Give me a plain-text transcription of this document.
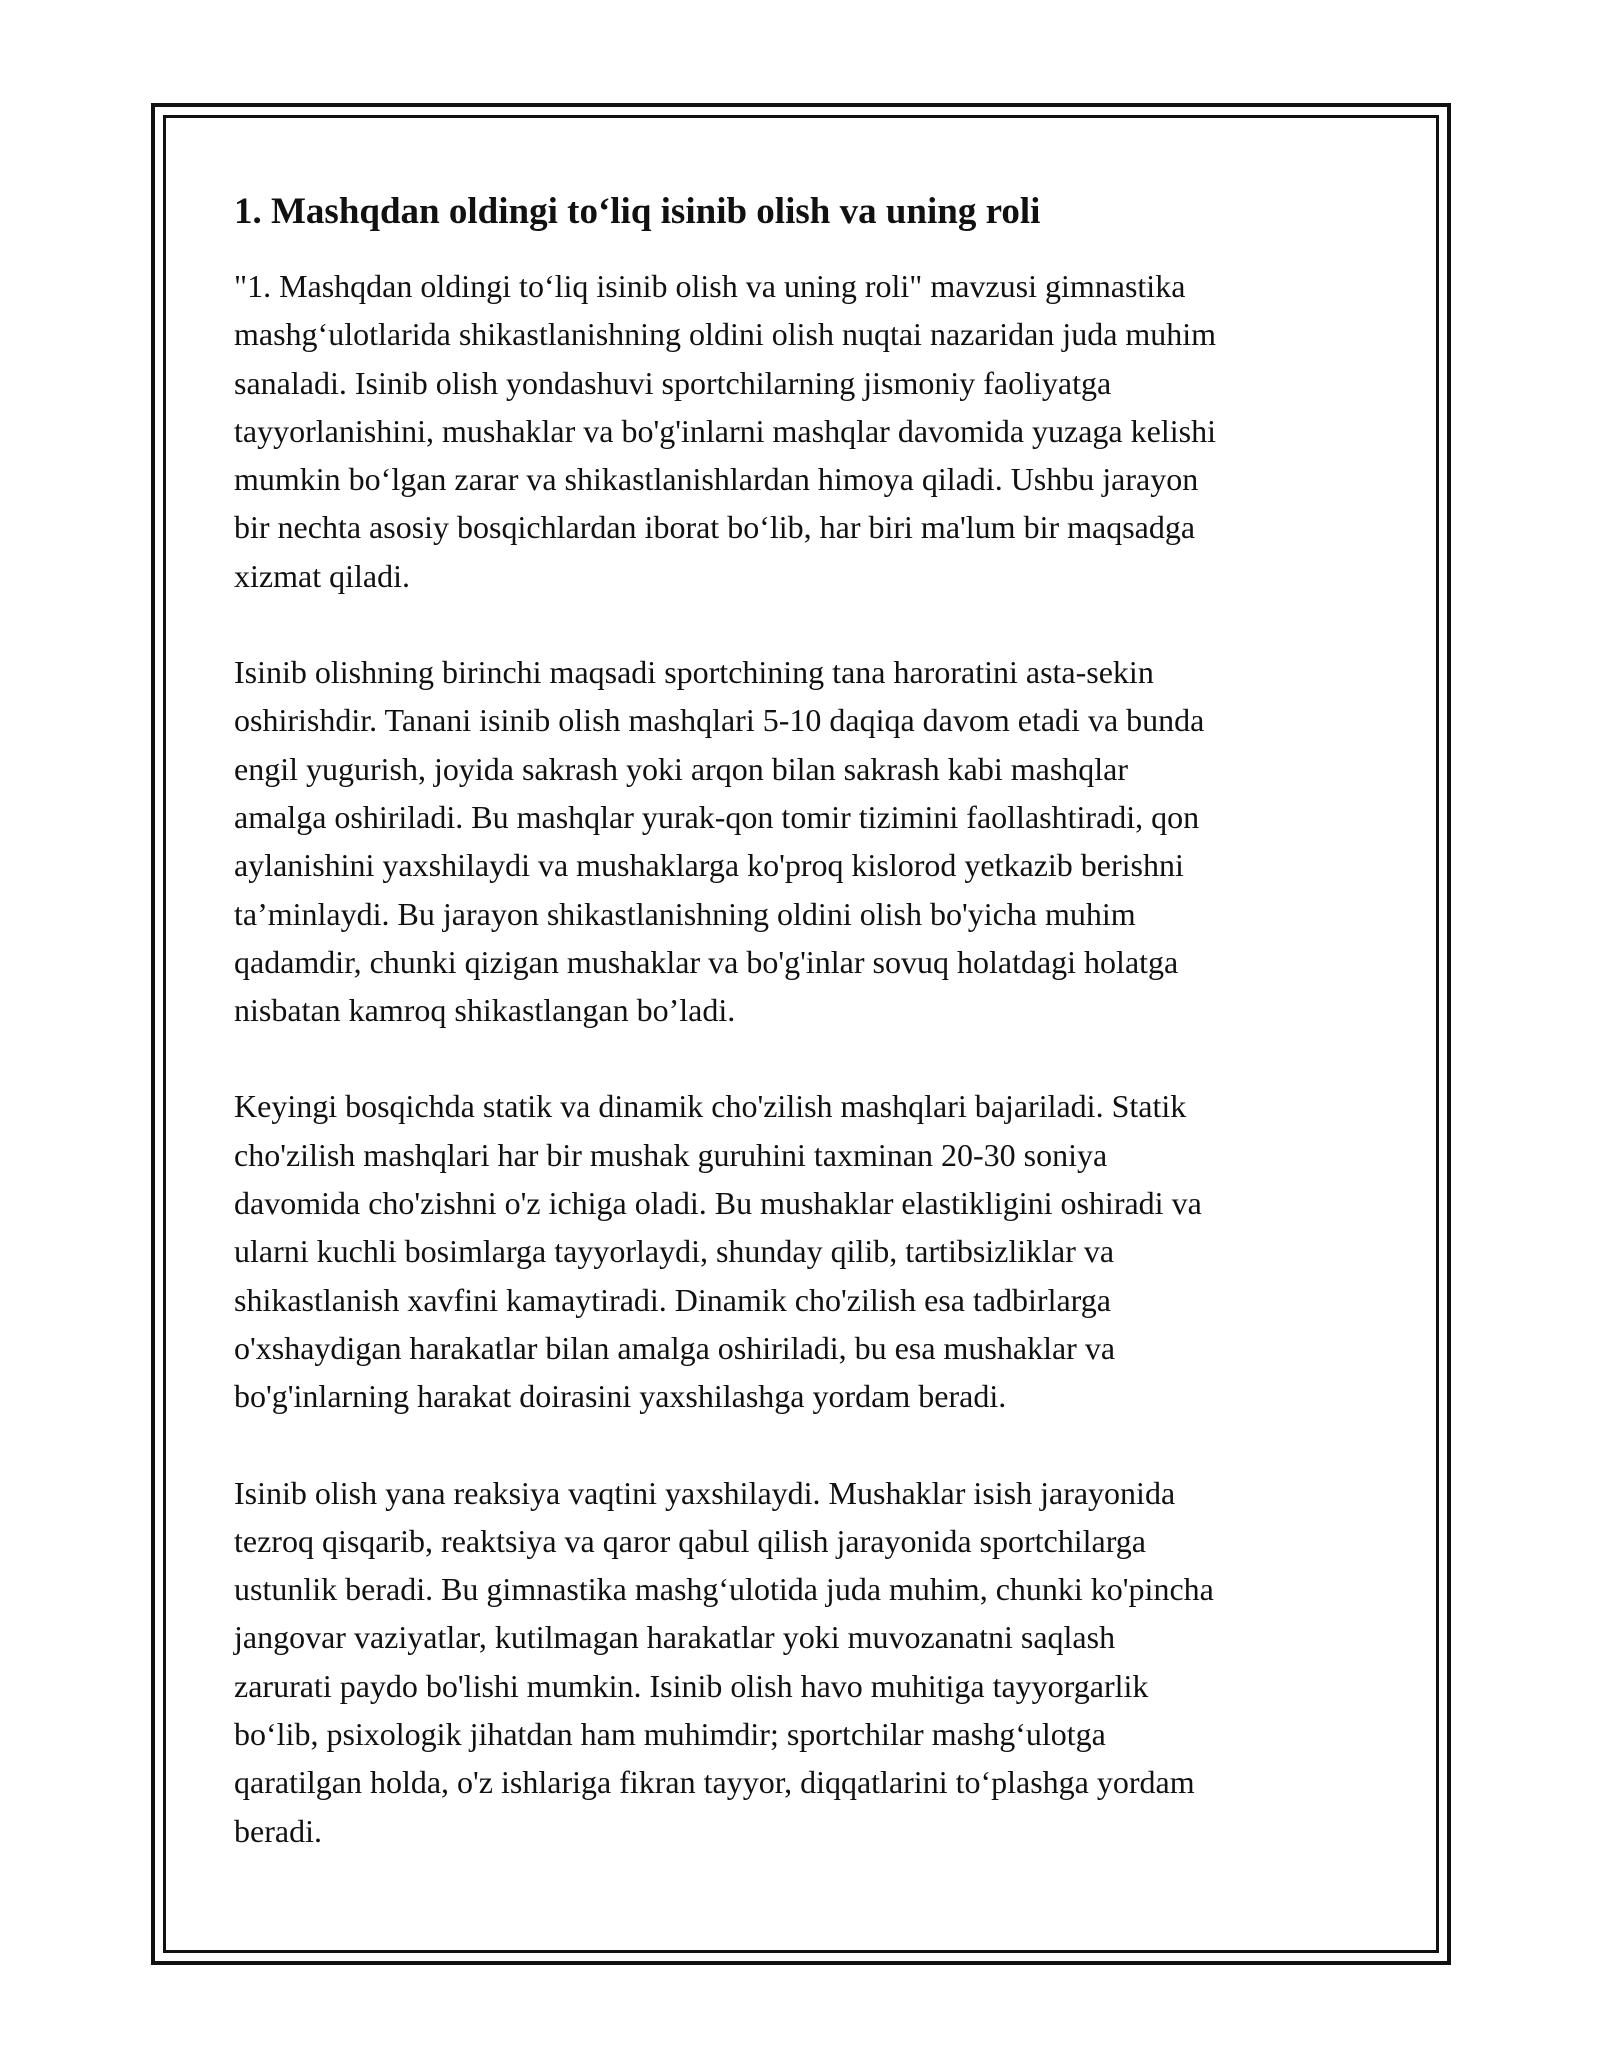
1. Mashqdan oldingi to‘liq isinib olish va uning roli
"1. Mashqdan oldingi to‘liq isinib olish va uning roli" mavzusi gimnastika
mashg‘ulotlarida shikastlanishning oldini olish nuqtai nazaridan juda muhim
sanaladi. Isinib olish yondashuvi sportchilarning jismoniy faoliyatga
tayyorlanishini, mushaklar va bo'g'inlarni mashqlar davomida yuzaga kelishi
mumkin bo‘lgan zarar va shikastlanishlardan himoya qiladi. Ushbu jarayon
bir nechta asosiy bosqichlardan iborat bo‘lib, har biri ma'lum bir maqsadga
xizmat qiladi.
Isinib olishning birinchi maqsadi sportchining tana haroratini asta-sekin
oshirishdir. Tanani isinib olish mashqlari 5-10 daqiqa davom etadi va bunda
engil yugurish, joyida sakrash yoki arqon bilan sakrash kabi mashqlar
amalga oshiriladi. Bu mashqlar yurak-qon tomir tizimini faollashtiradi, qon
aylanishini yaxshilaydi va mushaklarga ko'proq kislorod yetkazib berishni
ta’minlaydi. Bu jarayon shikastlanishning oldini olish bo'yicha muhim
qadamdir, chunki qizigan mushaklar va bo'g'inlar sovuq holatdagi holatga
nisbatan kamroq shikastlangan bo’ladi.
Keyingi bosqichda statik va dinamik cho'zilish mashqlari bajariladi. Statik
cho'zilish mashqlari har bir mushak guruhini taxminan 20-30 soniya
davomida cho'zishni o'z ichiga oladi. Bu mushaklar elastikligini oshiradi va
ularni kuchli bosimlarga tayyorlaydi, shunday qilib, tartibsizliklar va
shikastlanish xavfini kamaytiradi. Dinamik cho'zilish esa tadbirlarga
o'xshaydigan harakatlar bilan amalga oshiriladi, bu esa mushaklar va
bo'g'inlarning harakat doirasini yaxshilashga yordam beradi.
Isinib olish yana reaksiya vaqtini yaxshilaydi. Mushaklar isish jarayonida
tezroq qisqarib, reaktsiya va qaror qabul qilish jarayonida sportchilarga
ustunlik beradi. Bu gimnastika mashg‘ulotida juda muhim, chunki ko'pincha
jangovar vaziyatlar, kutilmagan harakatlar yoki muvozanatni saqlash
zarurati paydo bo'lishi mumkin. Isinib olish havo muhitiga tayyorgarlik
bo‘lib, psixologik jihatdan ham muhimdir; sportchilar mashg‘ulotga
qaratilgan holda, o'z ishlariga fikran tayyor, diqqatlarini to‘plashga yordam
beradi.
